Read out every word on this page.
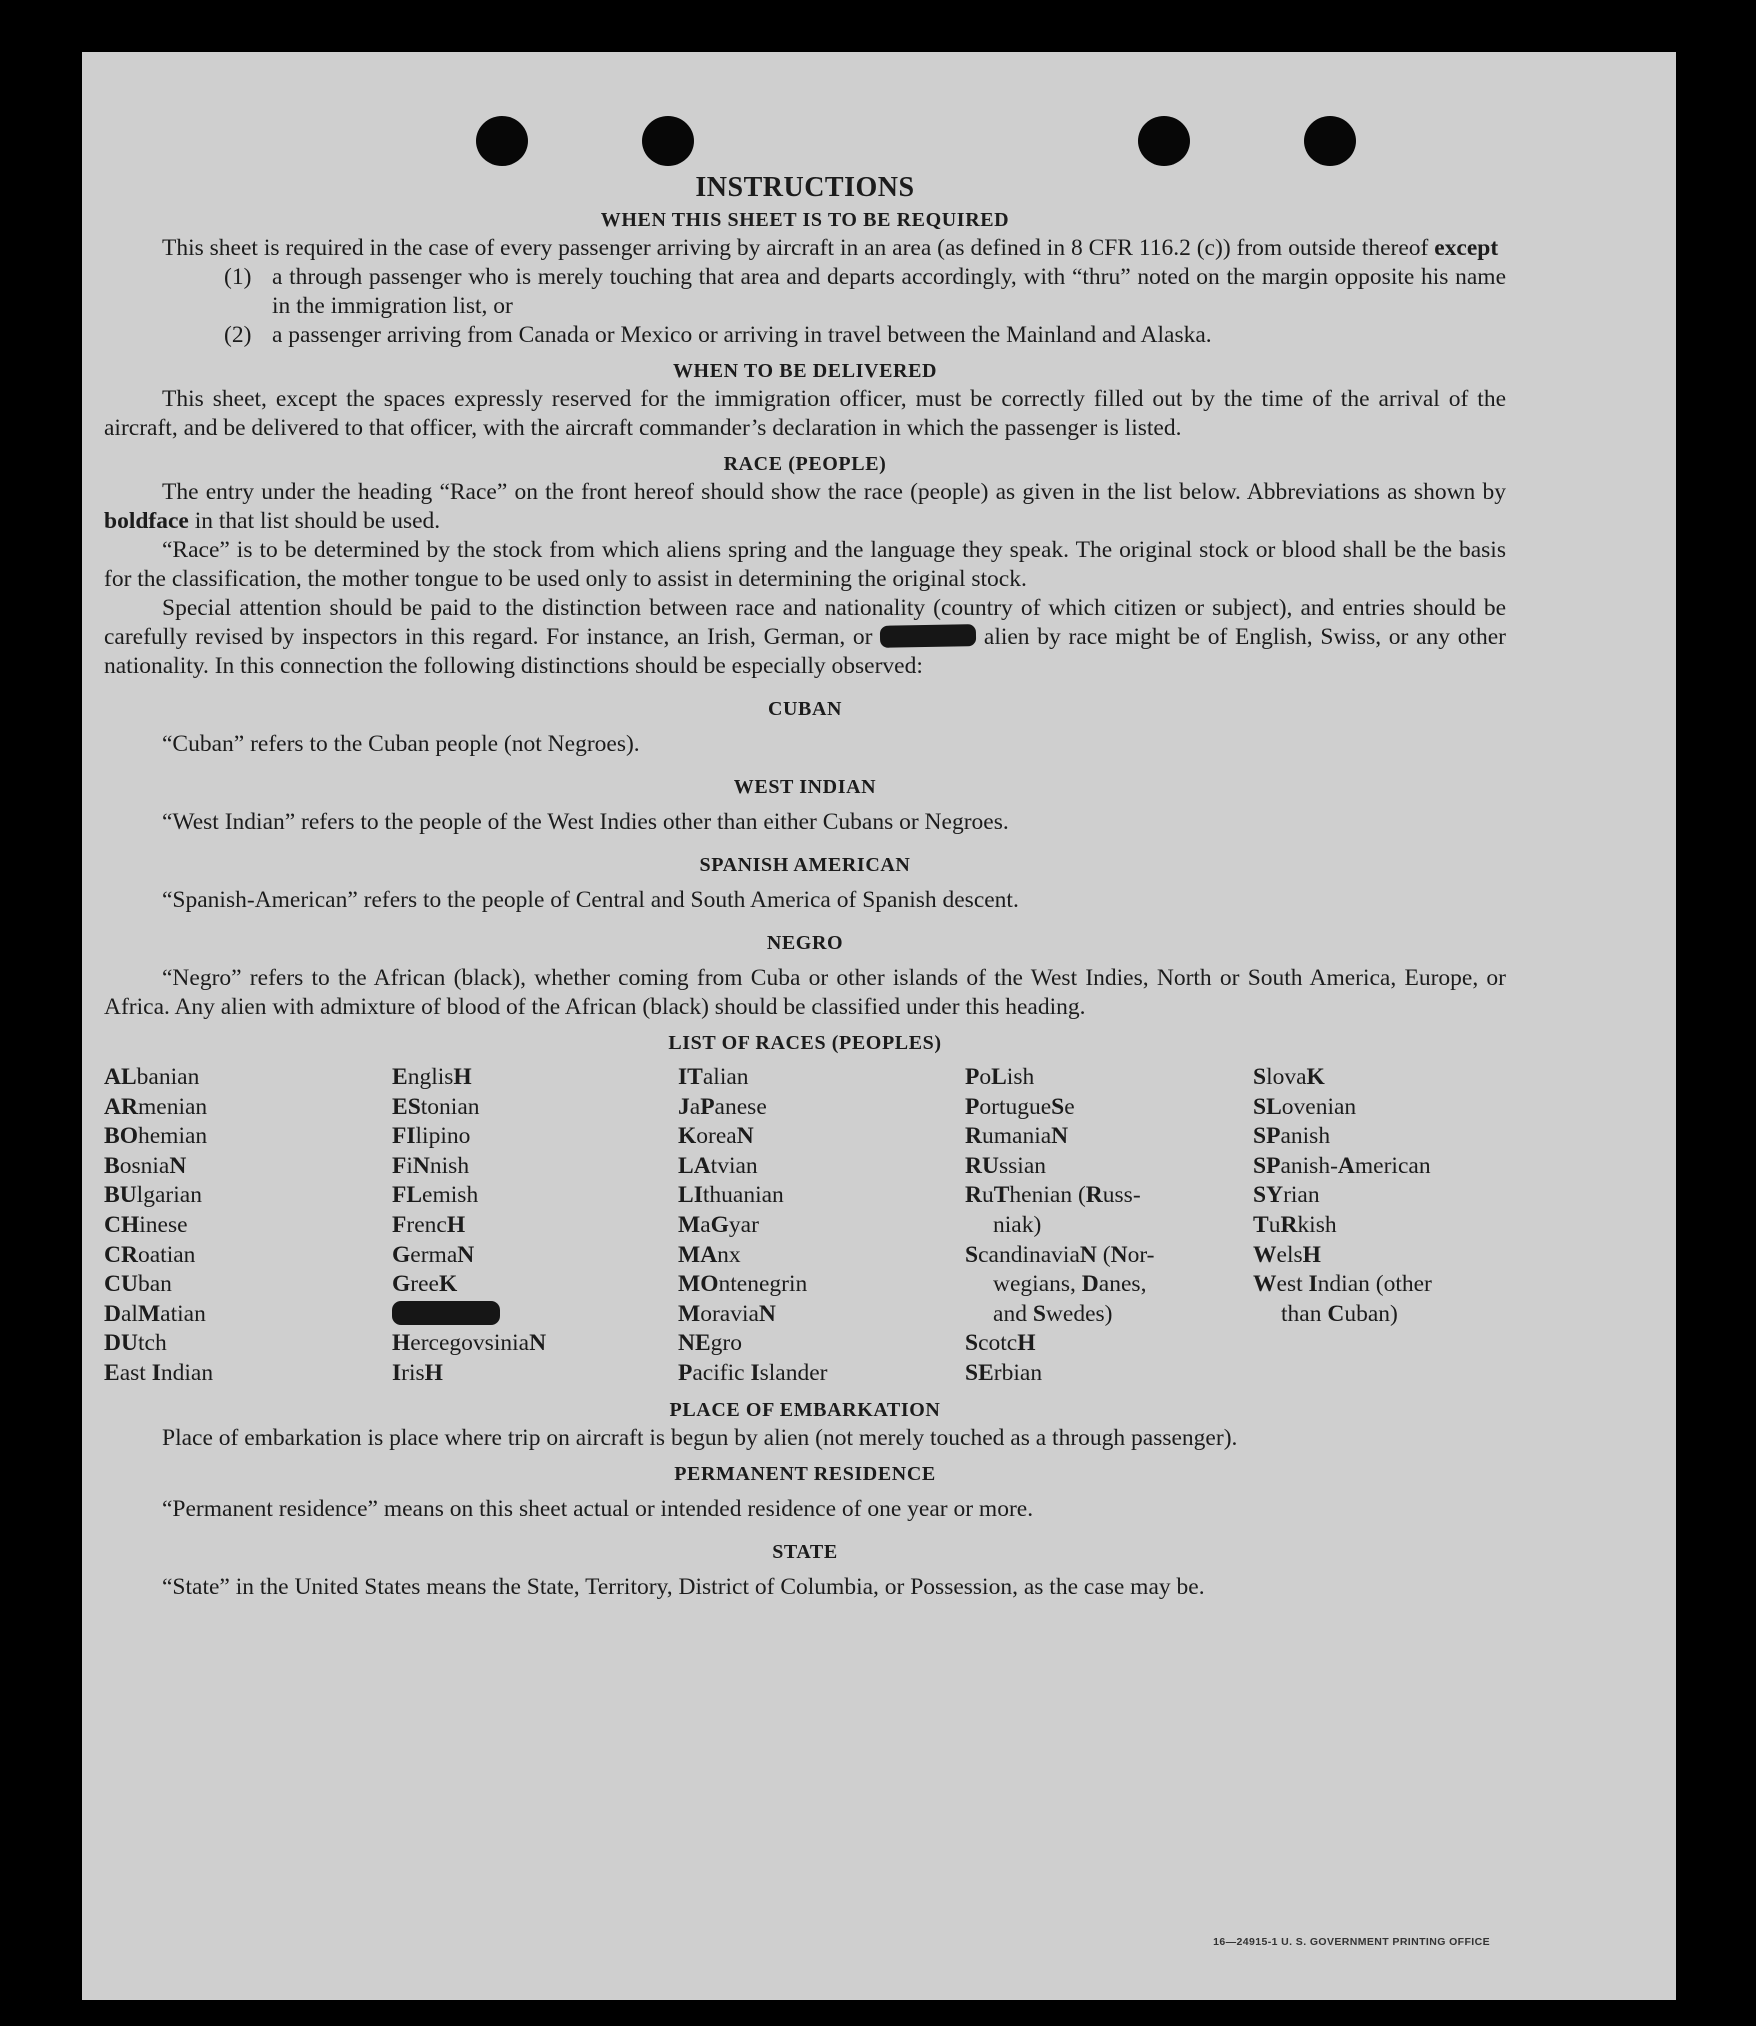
INSTRUCTIONS
WHEN THIS SHEET IS TO BE REQUIRED

This sheet is required in the case of every passenger arriving by aircraft in an area (as defined in 8 CFR 116.2 (c)) from outside thereof except

(1) a through passenger who is merely touching that area and departs accordingly, with “thru” noted on the margin opposite his name in the immigration list, or
(2) a passenger arriving from Canada or Mexico or arriving in travel between the Mainland and Alaska.
WHEN TO BE DELIVERED

This sheet, except the spaces expressly reserved for the immigration officer, must be correctly filled out by the time of the arrival of the aircraft, and be delivered to that officer, with the aircraft commander’s declaration in which the passenger is listed.

RACE (PEOPLE)

The entry under the heading “Race” on the front hereof should show the race (people) as given in the list below. Abbreviations as shown by boldface in that list should be used.

“Race” is to be determined by the stock from which aliens spring and the language they speak. The original stock or blood shall be the basis for the classification, the mother tongue to be used only to assist in determining the original stock.

Special attention should be paid to the distinction between race and nationality (country of which citizen or subject), and entries should be carefully revised by inspectors in this regard. For instance, an Irish, German, or	alien by race might be of English, Swiss, or any other nationality. In this connection the following distinctions should be especially observed:

CUBAN

“Cuban” refers to the Cuban people (not Negroes).

WEST INDIAN

“West Indian” refers to the people of the West Indies other than either Cubans or Negroes.

SPANISH AMERICAN

“Spanish-American” refers to the people of Central and South America of Spanish descent.

NEGRO

“Negro” refers to the African (black), whether coming from Cuba or other islands of the West Indies, North or South America, Europe, or Africa. Any alien with admixture of blood of the African (black) should be classified under this heading.

LIST OF RACES (PEOPLES)
ALbanian
ARmenian
BOhemian
BosniaN
BUlgarian
CHinese
CRoatian
CUban
DalMatian
DUtch
East Indian
EnglisH
EStonian
FIlipino
FiNnish
FLemish
FrencH
GermaN
GreeK
HercegovsiniaN
IrisH
ITalian
JaPanese
KoreaN
LAtvian
LIthuanian
MaGyar
MAnx
MOntenegrin
MoraviaN
NEgro
Pacific Islander
PoLish
PortugueSe
RumaniaN
RUssian
RuThenian (Russ-
niak)
ScandinaviaN (Nor-
wegians, Danes,
and Swedes)
ScotcH
SErbian
SlovaK
SLovenian
SPanish
SPanish-American
SYrian
TuRkish
WelsH
West Indian (other
than Cuban)
PLACE OF EMBARKATION

Place of embarkation is place where trip on aircraft is begun by alien (not merely touched as a through passenger).

PERMANENT RESIDENCE

“Permanent residence” means on this sheet actual or intended residence of one year or more.

STATE

“State” in the United States means the State, Territory, District of Columbia, or Possession, as the case may be.

16—24915-1 U. S. GOVERNMENT PRINTING OFFICE
